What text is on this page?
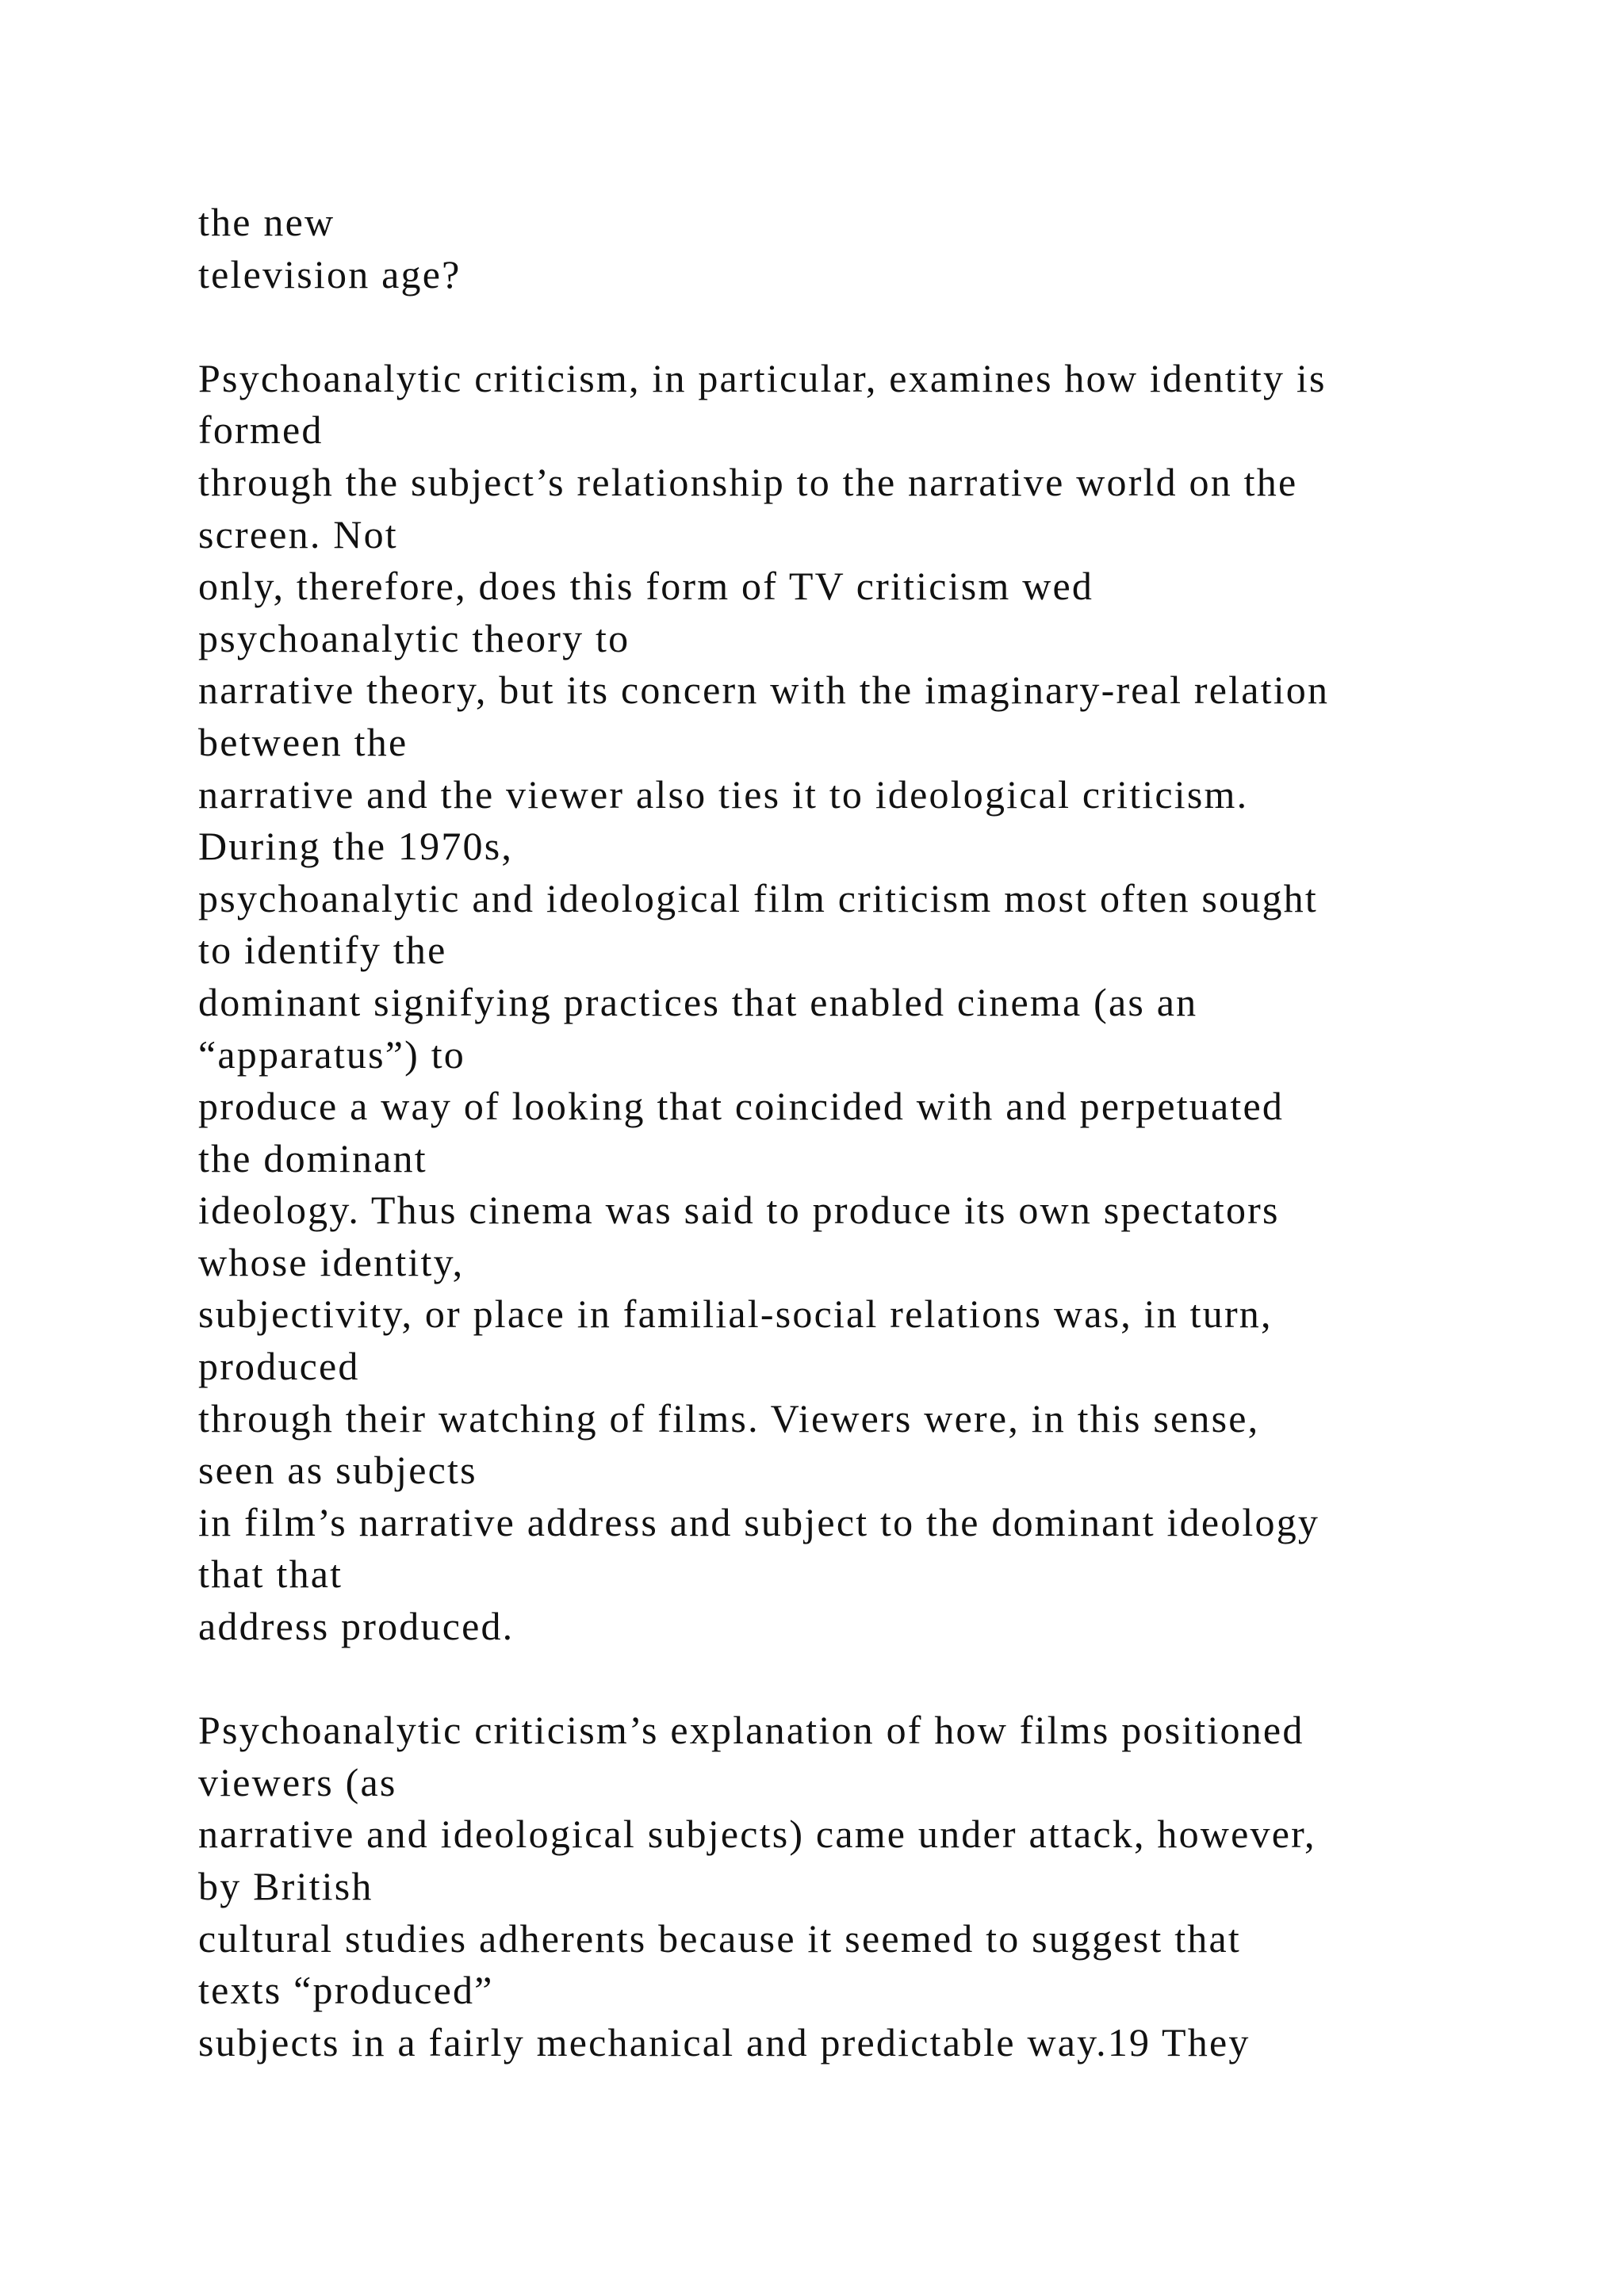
the new
television age?
Psychoanalytic criticism, in particular, examines how identity is
formed
through the subject’s relationship to the narrative world on the
screen. Not
only, therefore, does this form of TV criticism wed
psychoanalytic theory to
narrative theory, but its concern with the imaginary-real relation
between the
narrative and the viewer also ties it to ideological criticism.
During the 1970s,
psychoanalytic and ideological film criticism most often sought
to identify the
dominant signifying practices that enabled cinema (as an
“apparatus”) to
produce a way of looking that coincided with and perpetuated
the dominant
ideology. Thus cinema was said to produce its own spectators
whose identity,
subjectivity, or place in familial-social relations was, in turn,
produced
through their watching of films. Viewers were, in this sense,
seen as subjects
in film’s narrative address and subject to the dominant ideology
that that
address produced.
Psychoanalytic criticism’s explanation of how films positioned
viewers (as
narrative and ideological subjects) came under attack, however,
by British
cultural studies adherents because it seemed to suggest that
texts “produced”
subjects in a fairly mechanical and predictable way.19 They
